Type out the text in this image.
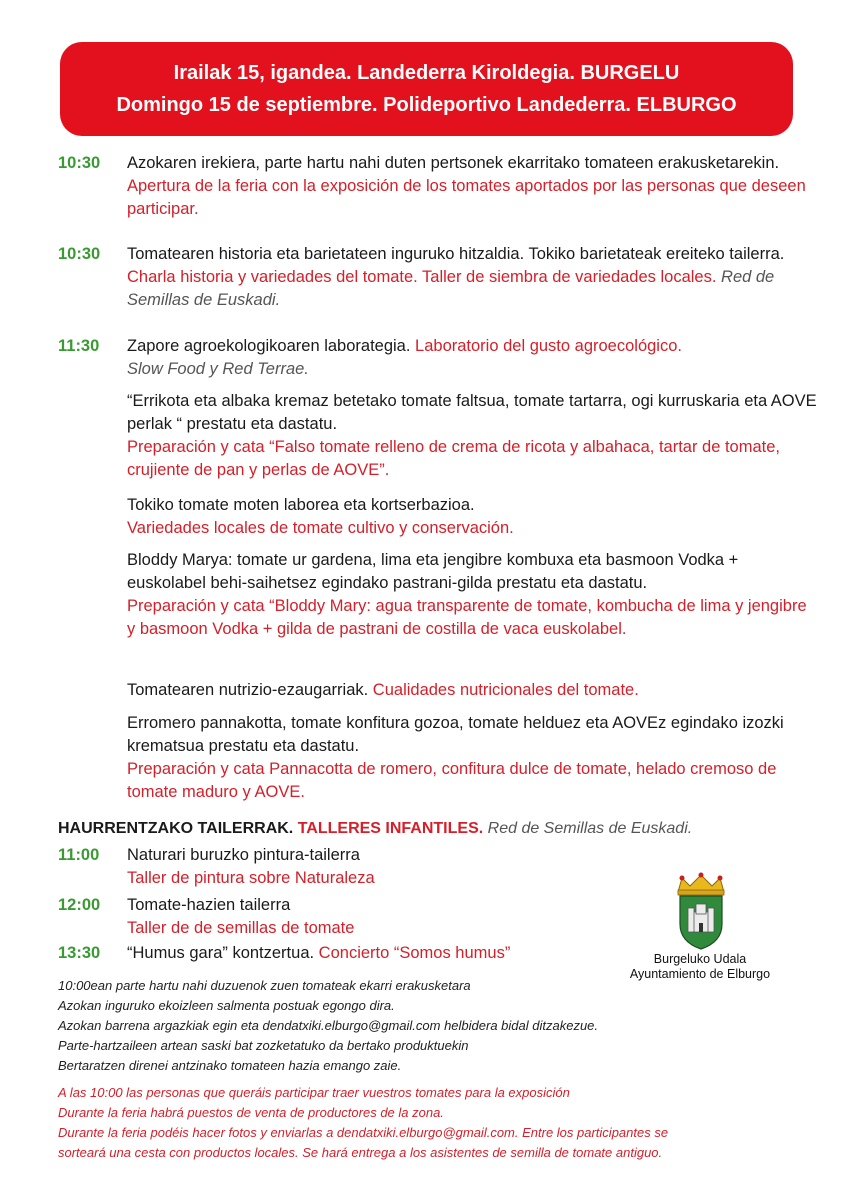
Irailak 15, igandea. Landederra Kiroldegia. BURGELU
Domingo 15 de septiembre. Polideportivo Landederra. ELBURGO
10:30 Azokaren irekiera, parte hartu nahi duten pertsonek ekarritako tomateen erakusketarekin. Apertura de la feria con la exposición de los tomates aportados por las personas que deseen participar.
10:30 Tomatearen historia eta barietateen inguruko hitzaldia. Tokiko barietateak ereiteko tailerra. Charla historia y variedades del tomate. Taller de siembra de variedades locales. Red de Semillas de Euskadi.
11:30 Zapore agroekologikoaren laborategia. Laboratorio del gusto agroecológico.
Slow Food y Red Terrae.
“Errikota eta albaka kremaz betetako tomate faltsua, tomate tartarra, ogi kurruskaria eta AOVE perlak “ prestatu eta dastatu.
Preparación y cata “Falso tomate relleno de crema de ricota y albahaca, tartar de tomate, crujiente de pan y perlas de AOVE”.
Tokiko tomate moten laborea eta kortserbazioa.
Variedades locales de tomate cultivo y conservación.
Bloddy Marya: tomate ur gardena, lima eta jengibre kombuxa eta basmoon Vodka + euskolabel behi-saihetsez egindako pastrani-gilda prestatu eta dastatu.
Preparación y cata “Bloddy Mary: agua transparente de tomate, kombucha de lima y jengibre y basmoon Vodka + gilda de pastrani de costilla de vaca euskolabel.
Tomatearen nutrizio-ezaugarriak. Cualidades nutricionales del tomate.
Erromero pannakotta, tomate konfitura gozoa, tomate helduez eta AOVEz egindako izozki krematsua prestatu eta dastatu.
Preparación y cata Pannacotta de romero, confitura dulce de tomate, helado cremoso de tomate maduro y AOVE.
HAURRENTZAKO TAILERRAK. TALLERES INFANTILES. Red de Semillas de Euskadi.
11:00 Naturari buruzko pintura-tailerra
Taller de pintura sobre Naturaleza
12:00 Tomate-hazien tailerra
Taller de de semillas de tomate
13:30 “Humus gara” kontzertua. Concierto “Somos humus”	Burgeluko Udala
Ayuntamiento de Elburgo
10:00ean parte hartu nahi duzuenok zuen tomateak ekarri erakusketara
Azokan inguruko ekoizleen salmenta postuak egongo dira.
Azokan barrena argazkiak egin eta dendatxiki.elburgo@gmail.com helbidera bidal ditzakezue.
Parte-hartzaileen artean saski bat zozketatuko da bertako produktuekin
Bertaratzen direnei antzinako tomateen hazia emango zaie.
A las 10:00 las personas que queráis participar traer vuestros tomates para la exposición
Durante la feria habrá puestos de venta de productores de la zona.
Durante la feria podéis hacer fotos y enviarlas a dendatxiki.elburgo@gmail.com. Entre los participantes se
sorteará una cesta con productos locales. Se hará entrega a los asistentes de semilla de tomate antiguo.
